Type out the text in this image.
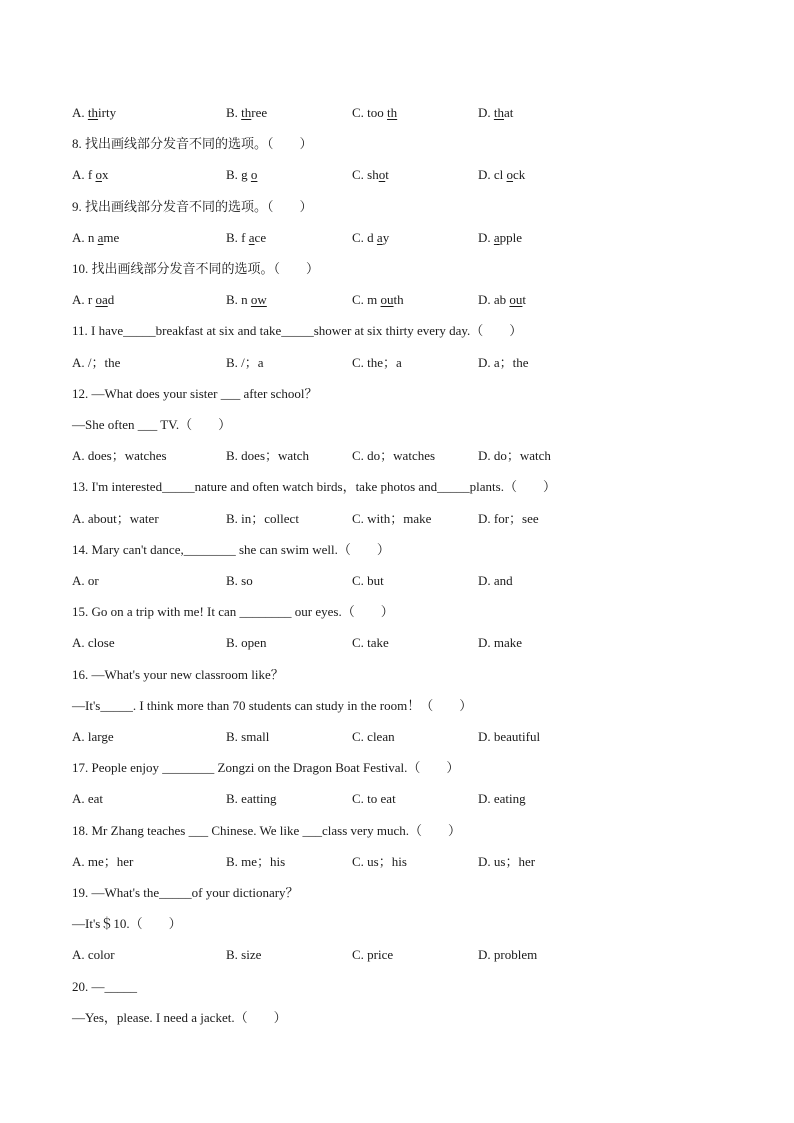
A. thirty	B. three	C. too th	D. that
8. 找出画线部分发音不同的选项。（　　）
A. f ox	B. g o	C. shot	D. cl ock
9. 找出画线部分发音不同的选项。（　　）
A. n ame	B. f ace	C. d ay	D. apple
10. 找出画线部分发音不同的选项。（　　）
A. r oad	B. n ow	C. m outh	D. ab out
11. I have_____breakfast at six and take_____shower at six thirty every day.（　　）
A. /；the	B. /；a	C. the；a	D. a；the
12. —What does your sister ___ after school？
—She often ___ TV.（　　）
A. does；watches	B. does；watch	C. do；watches	D. do；watch
13. I'm interested_____nature and often watch birds，take photos and_____plants.（　　）
A. about；water	B. in；collect	C. with；make	D. for；see
14. Mary can't dance,________ she can swim well.（　　）
A. or	B. so	C. but	D. and
15. Go on a trip with me! It can ________ our eyes.（　　）
A. close	B. open	C. take	D. make
16. —What's your new classroom like？
—It's_____. I think more than 70 students can study in the room！（　　）
A. large	B. small	C. clean	D. beautiful
17. People enjoy ________ Zongzi on the Dragon Boat Festival.（　　）
A. eat	B. eatting	C. to eat	D. eating
18. Mr Zhang teaches ___ Chinese. We like ___class very much.（　　）
A. me；her	B. me；his	C. us；his	D. us；her
19. —What's the_____of your dictionary？
—It's＄10.（　　）
A. color	B. size	C. price	D. problem
20. —_____
—Yes，please. I need a jacket.（　　）
